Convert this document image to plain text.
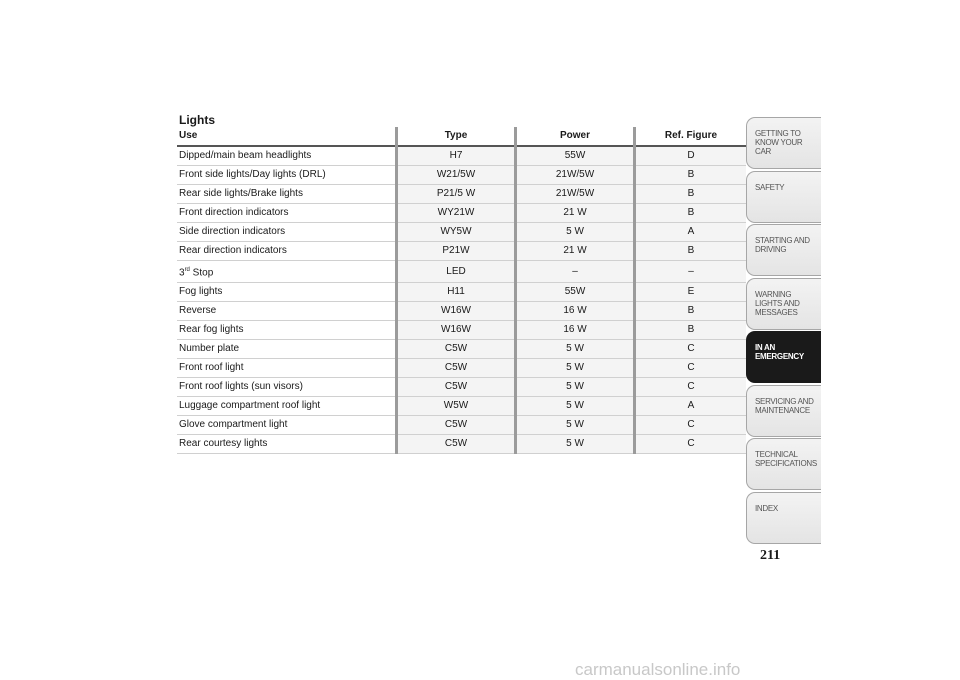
Lights
Use	Type	Power	Ref. Figure
Dipped/main beam headlights	H7	55W	D
Front side lights/Day lights (DRL)	W21/5W	21W/5W	B
Rear side lights/Brake lights	P21/5 W	21W/5W	B
Front direction indicators	WY21W	21 W	B
Side direction indicators	WY5W	5 W	A
Rear direction indicators	P21W	21 W	B
3rd Stop	LED	–	–
Fog lights	H11	55W	E
Reverse	W16W	16 W	B
Rear fog lights	W16W	16 W	B
Number plate	C5W	5 W	C
Front roof light	C5W	5 W	C
Front roof lights (sun visors)	C5W	5 W	C
Luggage compartment roof light	W5W	5 W	A
Glove compartment light	C5W	5 W	C
Rear courtesy lights	C5W	5 W	C
GETTING TO KNOW YOUR CAR
SAFETY
STARTING AND DRIVING
WARNING LIGHTS AND MESSAGES
IN AN EMERGENCY
SERVICING AND MAINTENANCE
TECHNICAL SPECIFICATIONS
INDEX
211
carmanualsonline.info
